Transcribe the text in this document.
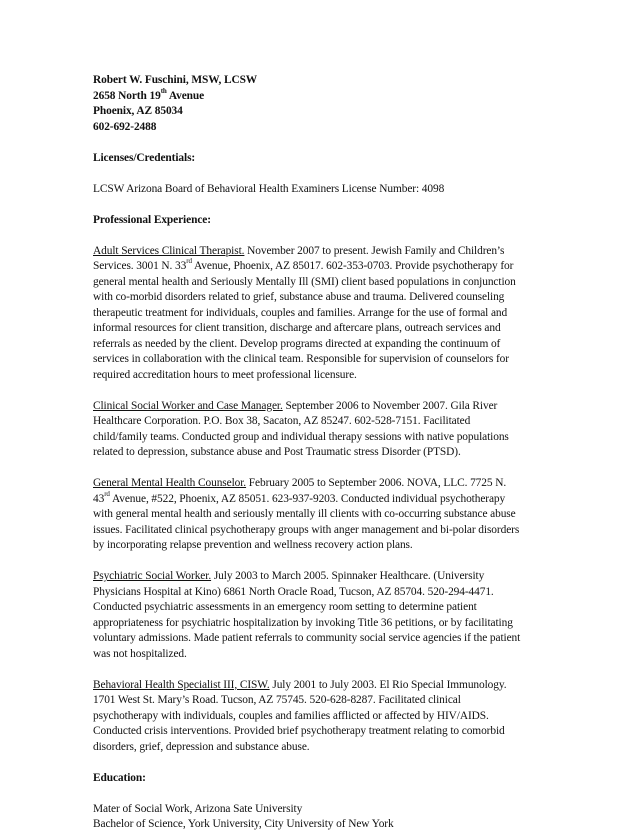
Robert W. Fuschini, MSW, LCSW
2658 North 19th Avenue
Phoenix, AZ 85034
602-692-2488
Licenses/Credentials:
LCSW Arizona Board of Behavioral Health Examiners License Number: 4098
Professional Experience:
Adult Services Clinical Therapist. November 2007 to present. Jewish Family and Children’s
Services. 3001 N. 33rd Avenue, Phoenix, AZ 85017. 602-353-0703. Provide psychotherapy for
general mental health and Seriously Mentally Ill (SMI) client based populations in conjunction
with co-morbid disorders related to grief, substance abuse and trauma. Delivered counseling
therapeutic treatment for individuals, couples and families. Arrange for the use of formal and
informal resources for client transition, discharge and aftercare plans, outreach services and
referrals as needed by the client. Develop programs directed at expanding the continuum of
services in collaboration with the clinical team. Responsible for supervision of counselors for
required accreditation hours to meet professional licensure.
Clinical Social Worker and Case Manager. September 2006 to November 2007. Gila River
Healthcare Corporation. P.O. Box 38, Sacaton, AZ 85247. 602-528-7151. Facilitated
child/family teams. Conducted group and individual therapy sessions with native populations
related to depression, substance abuse and Post Traumatic stress Disorder (PTSD).
General Mental Health Counselor. February 2005 to September 2006. NOVA, LLC. 7725 N.
43rd Avenue, #522, Phoenix, AZ 85051. 623-937-9203. Conducted individual psychotherapy
with general mental health and seriously mentally ill clients with co-occurring substance abuse
issues. Facilitated clinical psychotherapy groups with anger management and bi-polar disorders
by incorporating relapse prevention and wellness recovery action plans.
Psychiatric Social Worker. July 2003 to March 2005. Spinnaker Healthcare. (University
Physicians Hospital at Kino) 6861 North Oracle Road, Tucson, AZ 85704. 520-294-4471.
Conducted psychiatric assessments in an emergency room setting to determine patient
appropriateness for psychiatric hospitalization by invoking Title 36 petitions, or by facilitating
voluntary admissions. Made patient referrals to community social service agencies if the patient
was not hospitalized.
Behavioral Health Specialist III, CISW. July 2001 to July 2003. El Rio Special Immunology.
1701 West St. Mary’s Road. Tucson, AZ 75745. 520-628-8287. Facilitated clinical
psychotherapy with individuals, couples and families afflicted or affected by HIV/AIDS.
Conducted crisis interventions. Provided brief psychotherapy treatment relating to comorbid
disorders, grief, depression and substance abuse.
Education:
Mater of Social Work, Arizona Sate University
Bachelor of Science, York University, City University of New York
